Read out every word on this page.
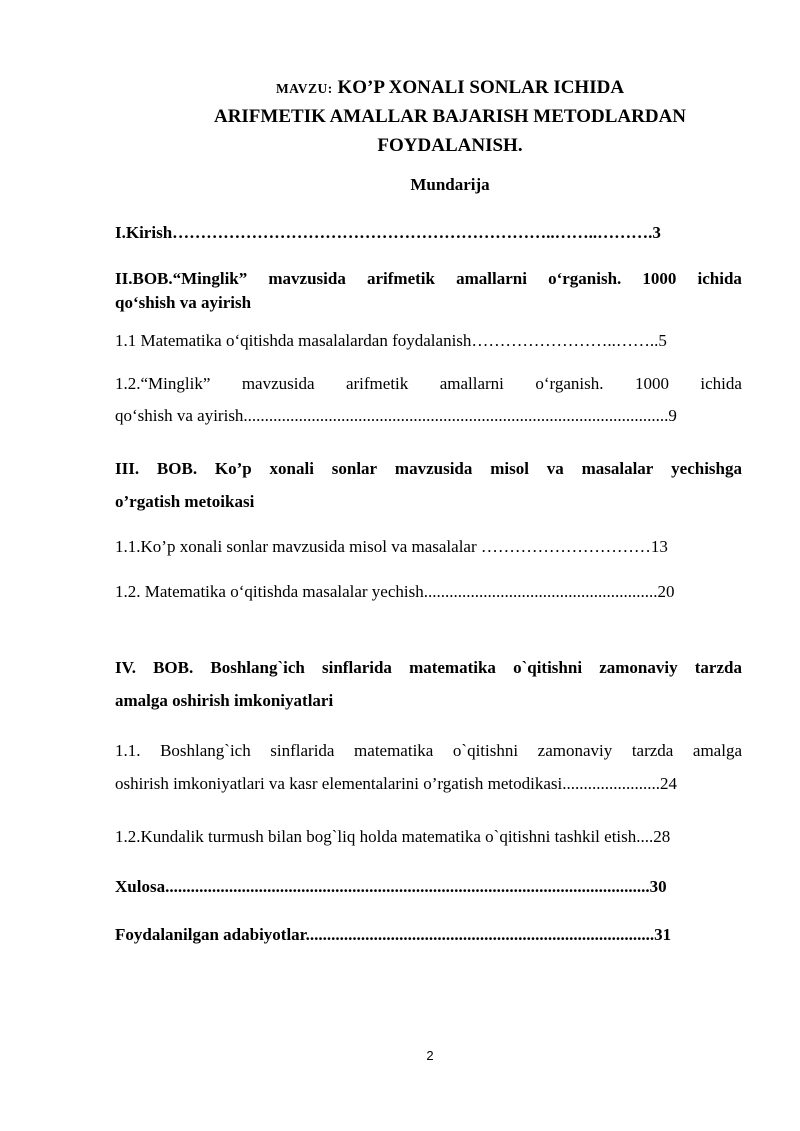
MAVZU: KO’P XONALI SONLAR ICHIDA
ARIFMETIK AMALLAR BAJARISH METODLARDAN
FOYDALANISH.
Mundarija
I.Kirish…………………………………………………………..……..……….3
II.BOB.“Minglik” mavzusida arifmetik amallarni o‘rganish. 1000 ichida
qo‘shish va ayirish
1.1 Matematika o‘qitishda masalalardan foydalanish……………………..……..5
1.2.“Minglik” mavzusida arifmetik amallarni o‘rganish. 1000 ichida
qo‘shish va ayirish....................................................................................................9
III. BOB. Ko’p xonali sonlar mavzusida misol va masalalar yechishga
o’rgatish metoikasi
1.1.Ko’p xonali sonlar mavzusida misol va masalalar …………………………13
1.2. Matematika o‘qitishda masalalar yechish.......................................................20
IV. BOB. Boshlang`ich sinflarida matematika o`qitishni zamonaviy tarzda
amalga oshirish imkoniyatlari
1.1. Boshlang`ich sinflarida matematika o`qitishni zamonaviy tarzda amalga
oshirish imkoniyatlari va kasr elementalarini o’rgatish metodikasi.......................24
1.2.Kundalik turmush bilan bog`liq holda matematika o`qitishni tashkil etish....28
Xulosa..................................................................................................................30
Foydalanilgan adabiyotlar..................................................................................31
2
